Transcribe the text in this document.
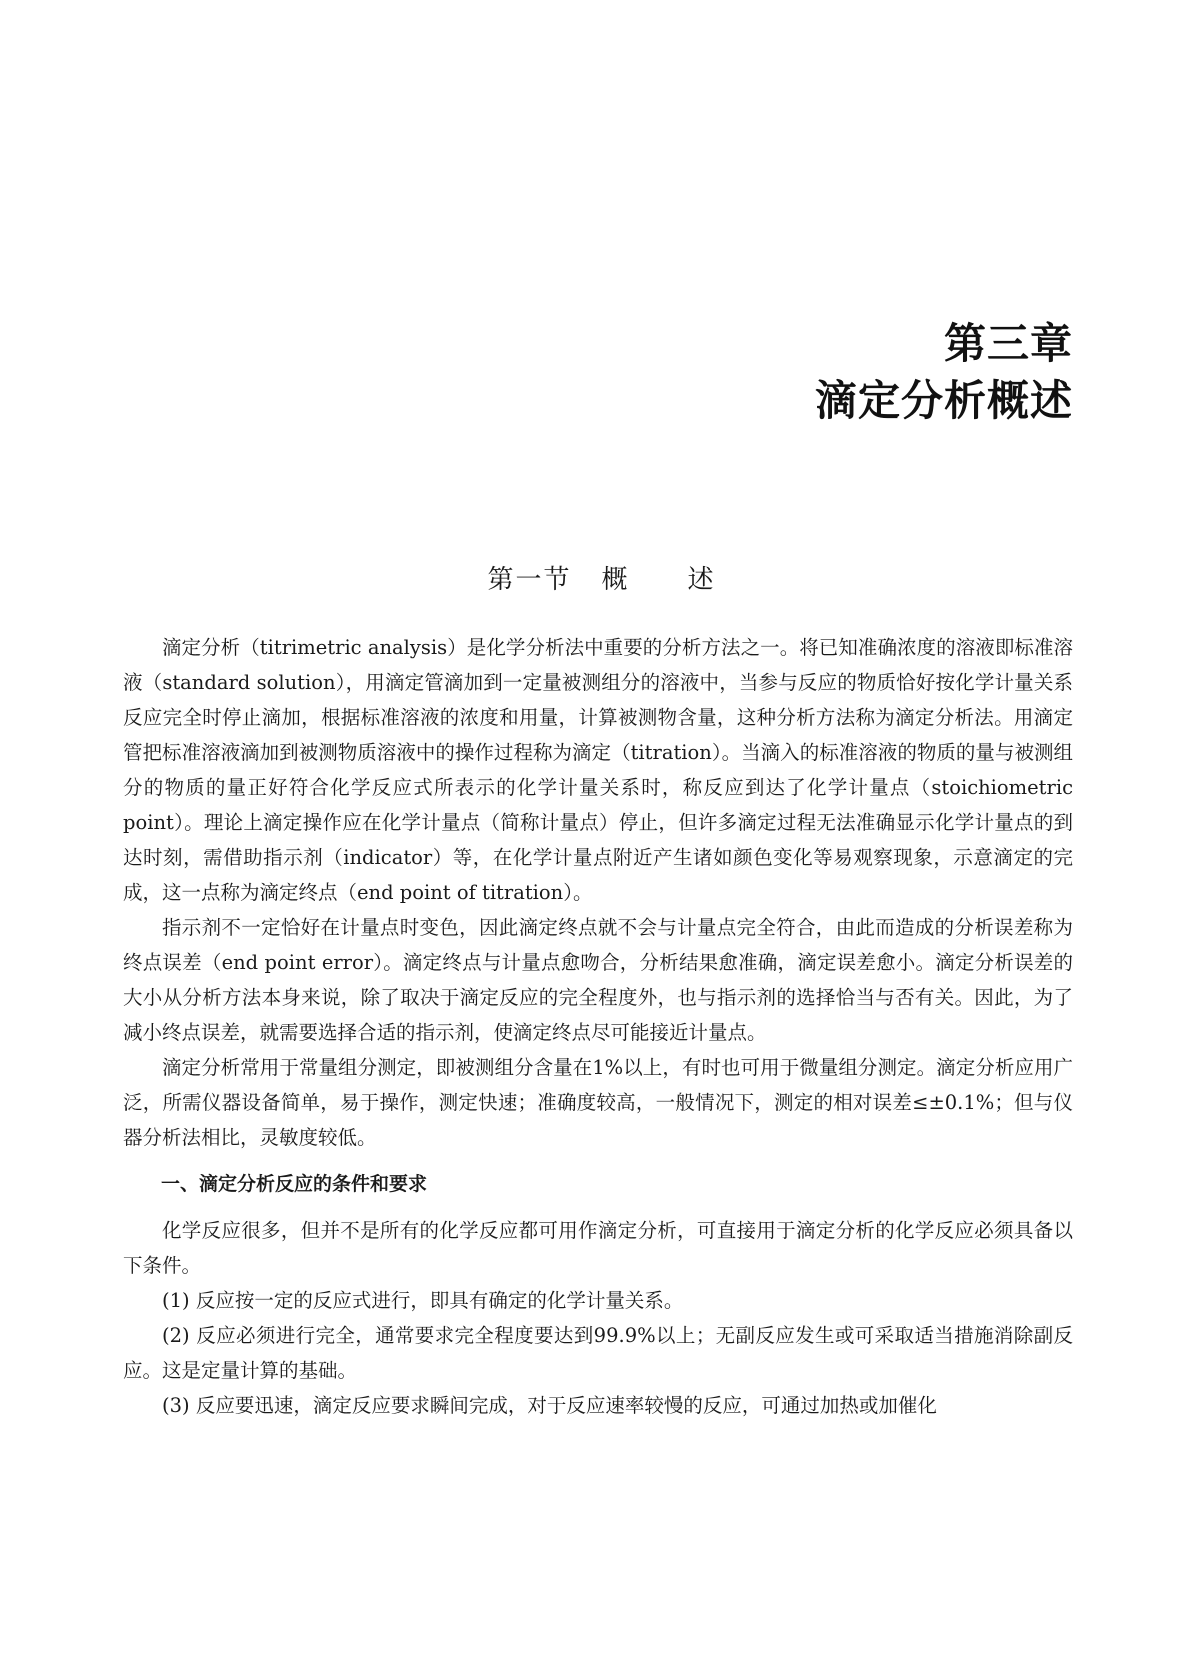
第三章

滴定分析概述

第一节 概 述

滴定分析（titrimetric analysis）是化学分析法中重要的分析方法之一。将已知准确浓度的溶液即标准溶液（standard solution），用滴定管滴加到一定量被测组分的溶液中，当参与反应的物质恰好按化学计量关系反应完全时停止滴加，根据标准溶液的浓度和用量，计算被测物含量，这种分析方法称为滴定分析法。用滴定管把标准溶液滴加到被测物质溶液中的操作过程称为滴定（titration）。当滴入的标准溶液的物质的量与被测组分的物质的量正好符合化学反应式所表示的化学计量关系时，称反应到达了化学计量点（stoichiometric point）。理论上滴定操作应在化学计量点（简称计量点）停止，但许多滴定过程无法准确显示化学计量点的到达时刻，需借助指示剂（indicator）等，在化学计量点附近产生诸如颜色变化等易观察现象，示意滴定的完成，这一点称为滴定终点（end point of titration）。

指示剂不一定恰好在计量点时变色，因此滴定终点就不会与计量点完全符合，由此而造成的分析误差称为终点误差（end point error）。滴定终点与计量点愈吻合，分析结果愈准确，滴定误差愈小。滴定分析误差的大小从分析方法本身来说，除了取决于滴定反应的完全程度外，也与指示剂的选择恰当与否有关。因此，为了减小终点误差，就需要选择合适的指示剂，使滴定终点尽可能接近计量点。

滴定分析常用于常量组分测定，即被测组分含量在1%以上，有时也可用于微量组分测定。滴定分析应用广泛，所需仪器设备简单，易于操作，测定快速；准确度较高，一般情况下，测定的相对误差≤±0.1%；但与仪器分析法相比，灵敏度较低。

一、滴定分析反应的条件和要求

化学反应很多，但并不是所有的化学反应都可用作滴定分析，可直接用于滴定分析的化学反应必须具备以下条件。

(1) 反应按一定的反应式进行，即具有确定的化学计量关系。

(2) 反应必须进行完全，通常要求完全程度要达到99.9%以上；无副反应发生或可采取适当措施消除副反应。这是定量计算的基础。

(3) 反应要迅速，滴定反应要求瞬间完成，对于反应速率较慢的反应，可通过加热或加催化
